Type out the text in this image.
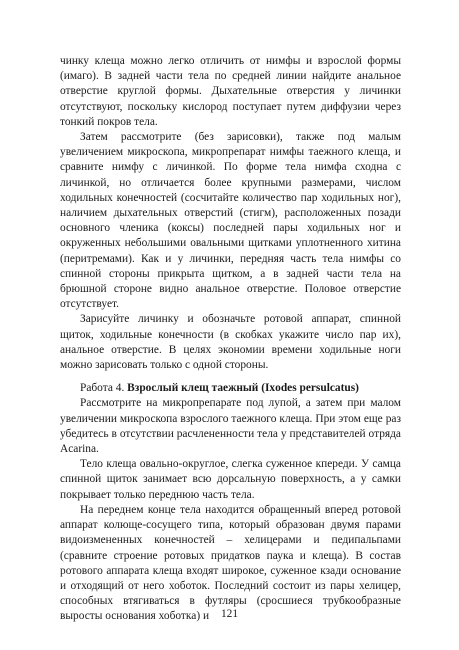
чинку клеща можно легко отличить от нимфы и взрослой формы (имаго). В задней части тела по средней линии найдите анальное отверстие круглой формы. Дыхательные отверстия у личинки отсутствуют, поскольку кислород поступает путем диффузии через тонкий покров тела.

Затем рассмотрите (без зарисовки), также под малым увеличением микроскопа, микропрепарат нимфы таежного клеща, и сравните нимфу с личинкой. По форме тела нимфа сходна с личинкой, но отличается более крупными размерами, числом ходильных конечностей (сосчитайте количество пар ходильных ног), наличием дыхательных отверстий (стигм), расположенных позади основного членика (коксы) последней пары ходильных ног и окруженных небольшими овальными щитками уплотненного хитина (перитремами). Как и у личинки, передняя часть тела нимфы со спинной стороны прикрыта щитком, а в задней части тела на брюшной стороне видно анальное отверстие. Половое отверстие отсутствует.

Зарисуйте личинку и обозначьте ротовой аппарат, спинной щиток, ходильные конечности (в скобках укажите число пар их), анальное отверстие. В целях экономии времени ходильные ноги можно зарисовать только с одной стороны.

Работа 4. Взрослый клещ таежный (Ixodes persulcatus)

Рассмотрите на микропрепарате под лупой, а затем при малом увеличении микроскопа взрослого таежного клеща. При этом еще раз убедитесь в отсутствии расчлененности тела у представителей отряда Acarina.

Тело клеща овально-округлое, слегка суженное кпереди. У самца спинной щиток занимает всю дорсальную поверхность, а у самки покрывает только переднюю часть тела.

На переднем конце тела находится обращенный вперед ротовой аппарат колюще-сосущего типа, который образован двумя парами видоизмененных конечностей – хелицерами и педипальпами (сравните строение ротовых придатков паука и клеща). В состав ротового аппарата клеща входят широкое, суженное кзади основание и отходящий от него хоботок. Последний состоит из пары хелицер, способных втягиваться в футляры (сросшиеся трубкообразные выросты основания хоботка) и	121
